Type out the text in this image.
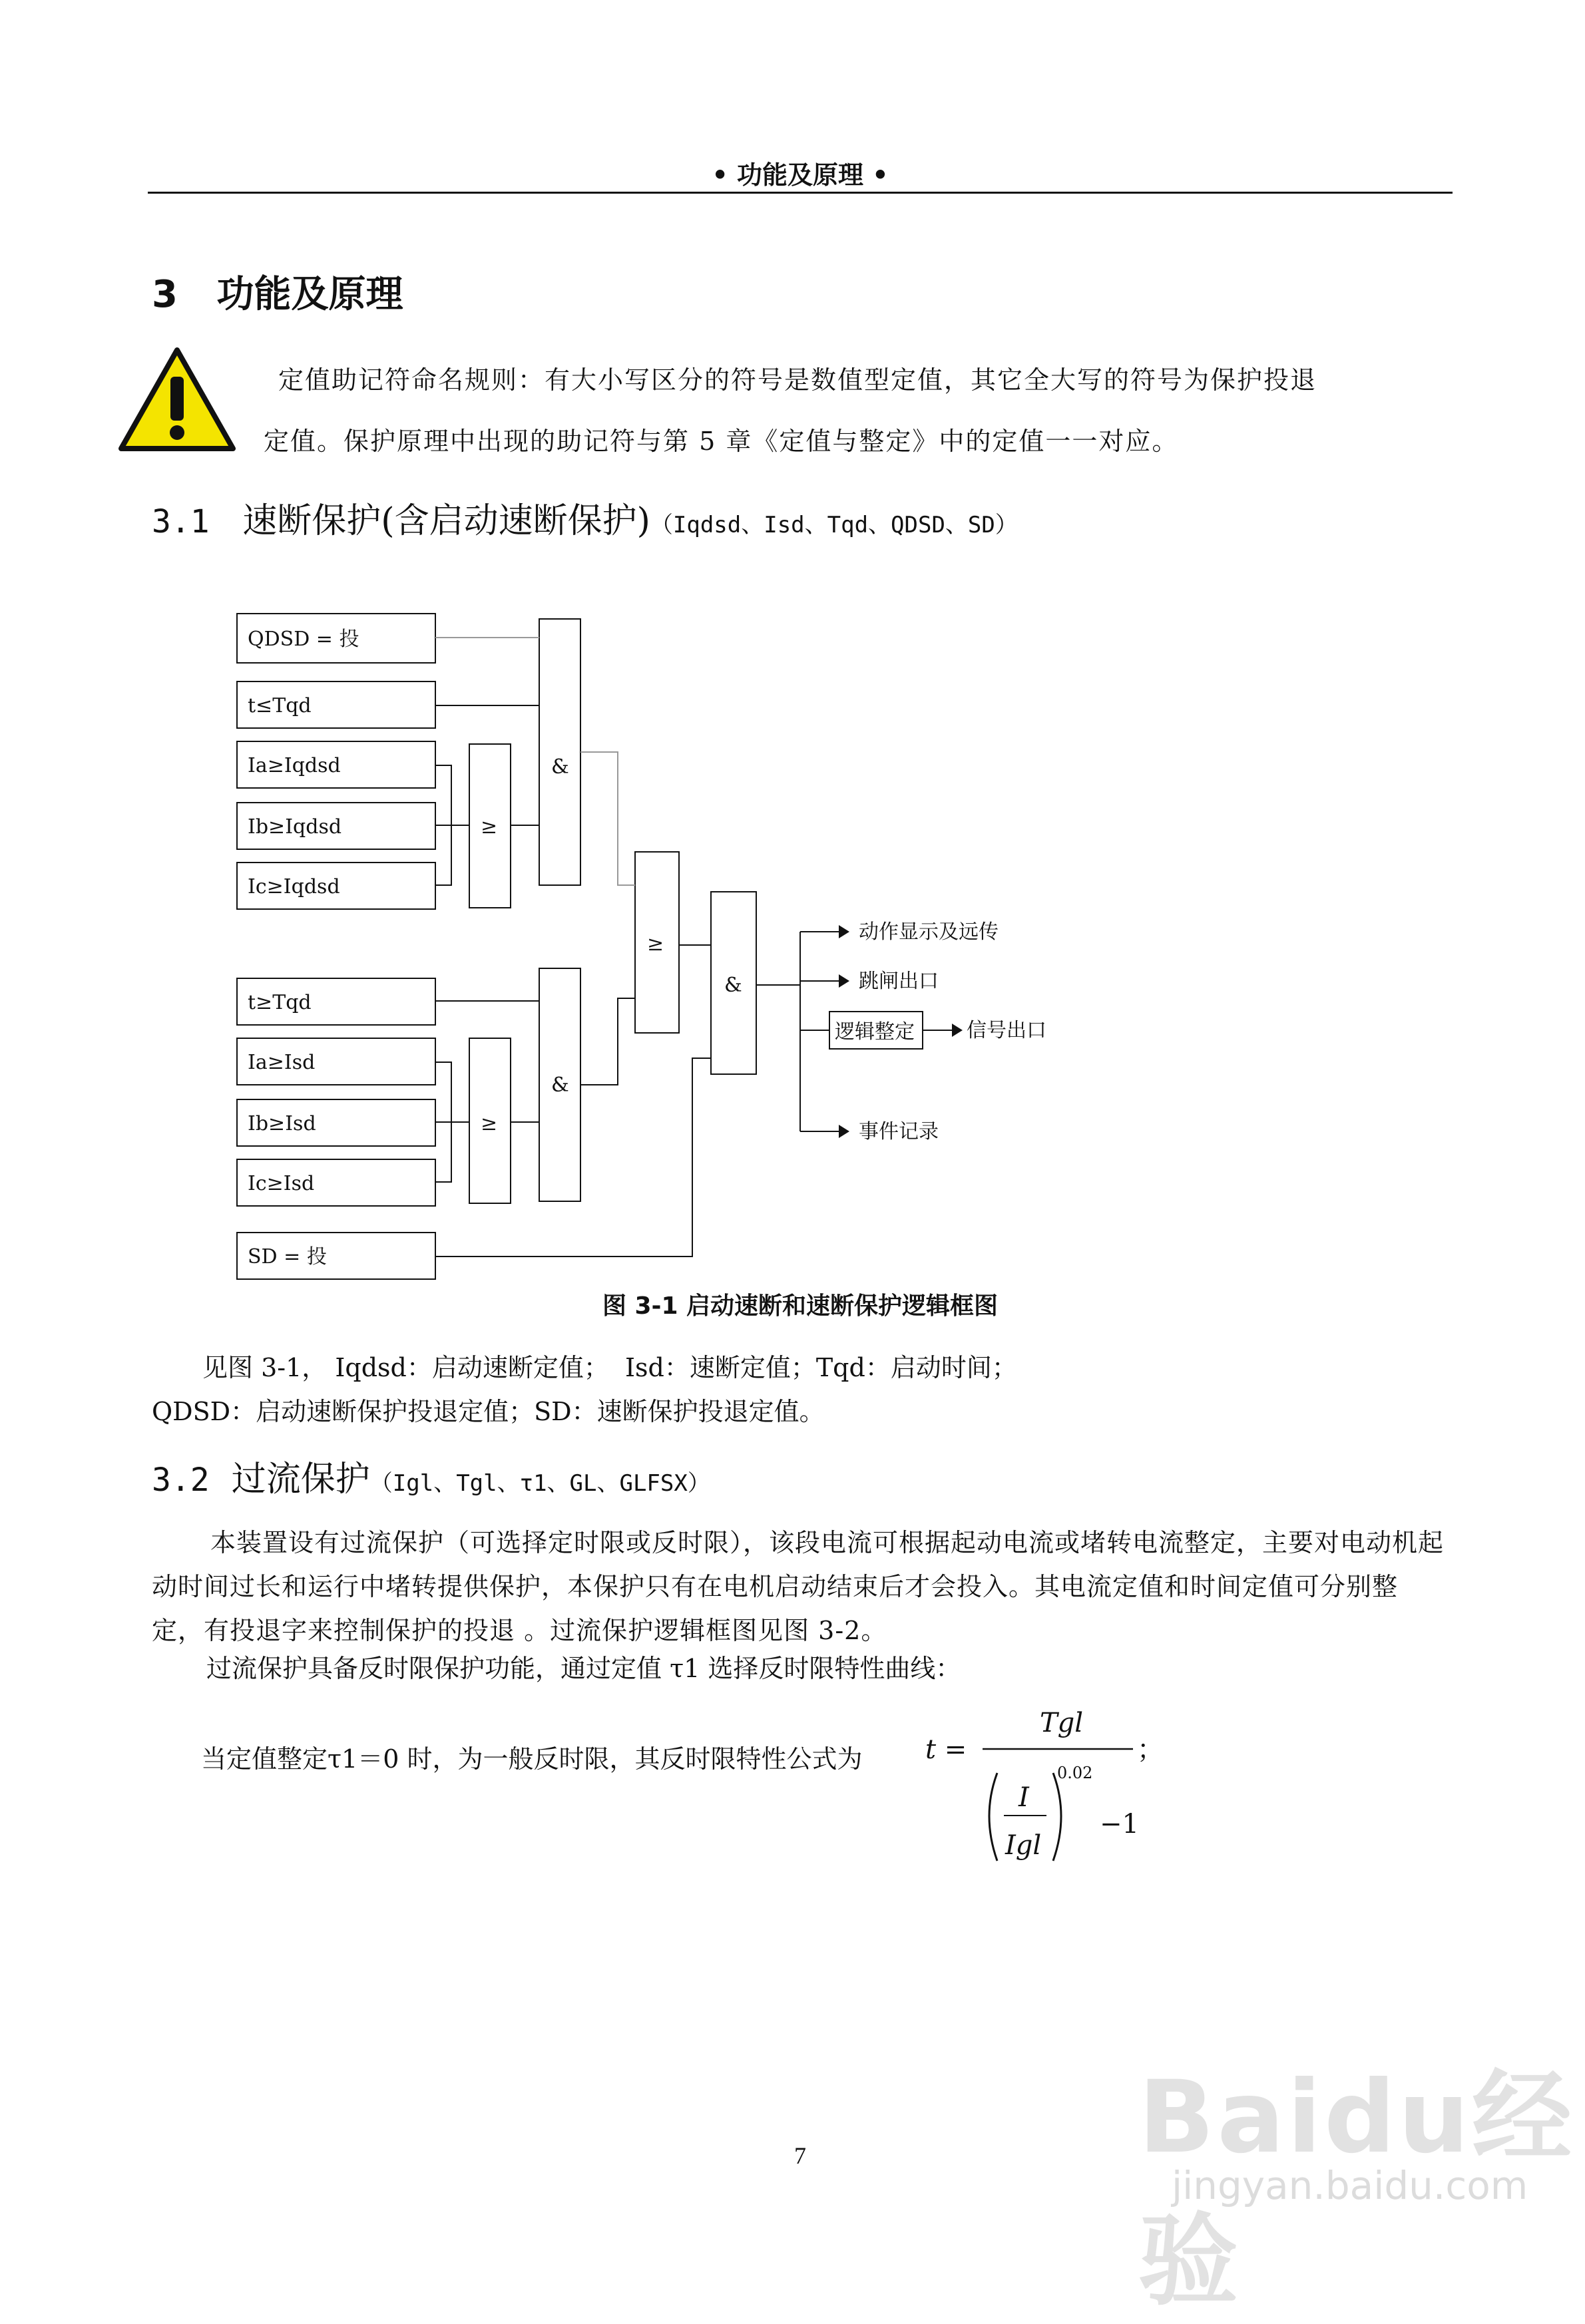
• 功能及原理 •
3   功能及原理
定值助记符命名规则：有大小写区分的符号是数值型定值，其它全大写的符号为保护投退
定值。保护原理中出现的助记符与第 5 章《定值与整定》中的定值一一对应。
3.1 速断保护(含启动速断保护)（Iqdsd、Isd、Tqd、QDSD、SD）
QDSD = 投
t≤Tqd
Ia≥Iqdsd
Ib≥Iqdsd
Ic≥Iqdsd
t≥Tqd
Ia≥Isd
Ib≥Isd
Ic≥Isd
SD = 投
≥
&
≥
&
≥
&
动作显示及远传
跳闸出口
逻辑整定	信号出口
事件记录
图 3-1 启动速断和速断保护逻辑框图
　　见图 3-1， Iqdsd：启动速断定值；  Isd：速断定值；Tqd：启动时间；
QDSD：启动速断保护投退定值；SD：速断保护投退定值。
3.2 过流保护（Igl、Tgl、τ1、GL、GLFSX）
本装置设有过流保护（可选择定时限或反时限），该段电流可根据起动电流或堵转电流整定，主要对电动机起动时间过长和运行中堵转提供保护，本保护只有在电机启动结束后才会投入。其电流定值和时间定值可分别整定，有投退字来控制保护的投退 。过流保护逻辑框图见图 3-2。
过流保护具备反时限保护功能，通过定值 τ1 选择反时限特性曲线：
当定值整定τ1＝0 时，为一般反时限，其反时限特性公式为 t =
Tgl
I
Igl
0.02
−1
；
7	Baidu经验
jingyan.baidu.com
